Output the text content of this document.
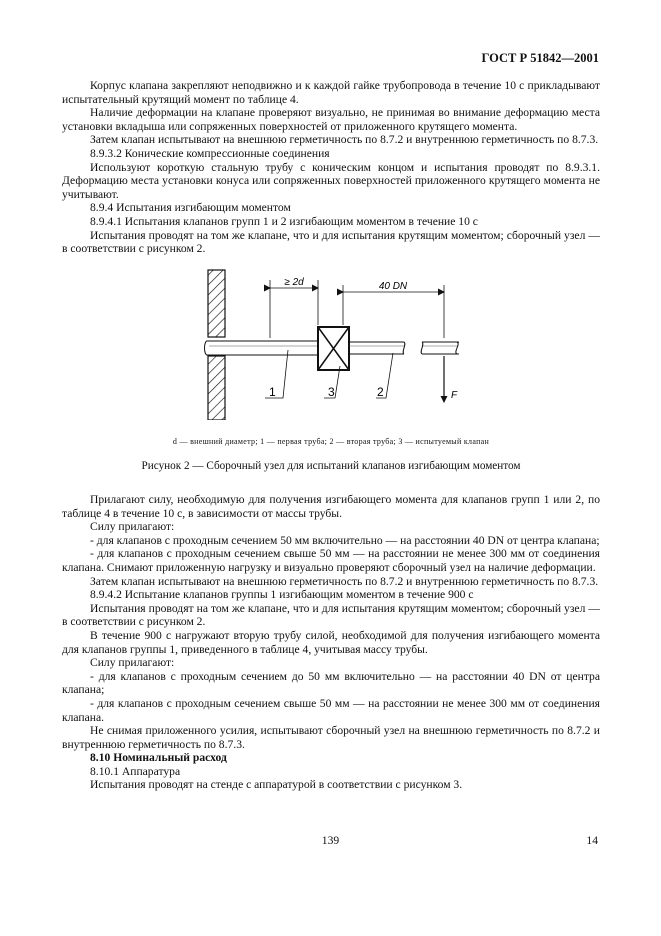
ГОСТ Р 51842—2001

Корпус клапана закрепляют неподвижно и к каждой гайке трубопровода в течение 10 с прикладывают испытательный крутящий момент по таблице 4.

Наличие деформации на клапане проверяют визуально, не принимая во внимание деформацию места установки вкладыша или сопряженных поверхностей от приложенного крутящего момента.

Затем клапан испытывают на внешнюю герметичность по 8.7.2 и внутреннюю герметичность по 8.7.3.

8.9.3.2 Конические компрессионные соединения

Используют короткую стальную трубу с коническим концом и испытания проводят по 8.9.3.1. Деформацию места установки конуса или сопряженных поверхностей приложенного крутящего момента не учитывают.

8.9.4 Испытания изгибающим моментом

8.9.4.1 Испытания клапанов групп 1 и 2 изгибающим моментом в течение 10 с

Испытания проводят на том же клапане, что и для испытания крутящим моментом; сборочный узел — в соответствии с рисунком 2.

≥ 2d	40 DN
F
1	3	2
d — внешний диаметр; 1 — первая труба; 2 — вторая труба; 3 — испытуемый клапан
Рисунок 2 — Сборочный узел для испытаний клапанов изгибающим моментом

Прилагают силу, необходимую для получения изгибающего момента для клапанов групп 1 или 2, по таблице 4 в течение 10 с, в зависимости от массы трубы.

Силу прилагают:

- для клапанов с проходным сечением 50 мм включительно — на расстоянии 40 DN от центра клапана;

- для клапанов с проходным сечением свыше 50 мм — на расстоянии не менее 300 мм от соединения клапана. Снимают приложенную нагрузку и визуально проверяют сборочный узел на наличие деформации.

Затем клапан испытывают на внешнюю герметичность по 8.7.2 и внутреннюю герметичность по 8.7.3.

8.9.4.2 Испытание клапанов группы 1 изгибающим моментом в течение 900 с

Испытания проводят на том же клапане, что и для испытания крутящим моментом; сборочный узел — в соответствии с рисунком 2.

В течение 900 с нагружают вторую трубу силой, необходимой для получения изгибающего момента для клапанов группы 1, приведенного в таблице 4, учитывая массу трубы.

Силу прилагают:

- для клапанов с проходным сечением до 50 мм включительно — на расстоянии 40 DN от центра клапана;

- для клапанов с проходным сечением свыше 50 мм — на расстоянии не менее 300 мм от соединения клапана.

Не снимая приложенного усилия, испытывают сборочный узел на внешнюю герметичность по 8.7.2 и внутреннюю герметичность по 8.7.3.

8.10 Номинальный расход

8.10.1 Аппаратура

Испытания проводят на стенде с аппаратурой в соответствии с рисунком 3.

139	14
